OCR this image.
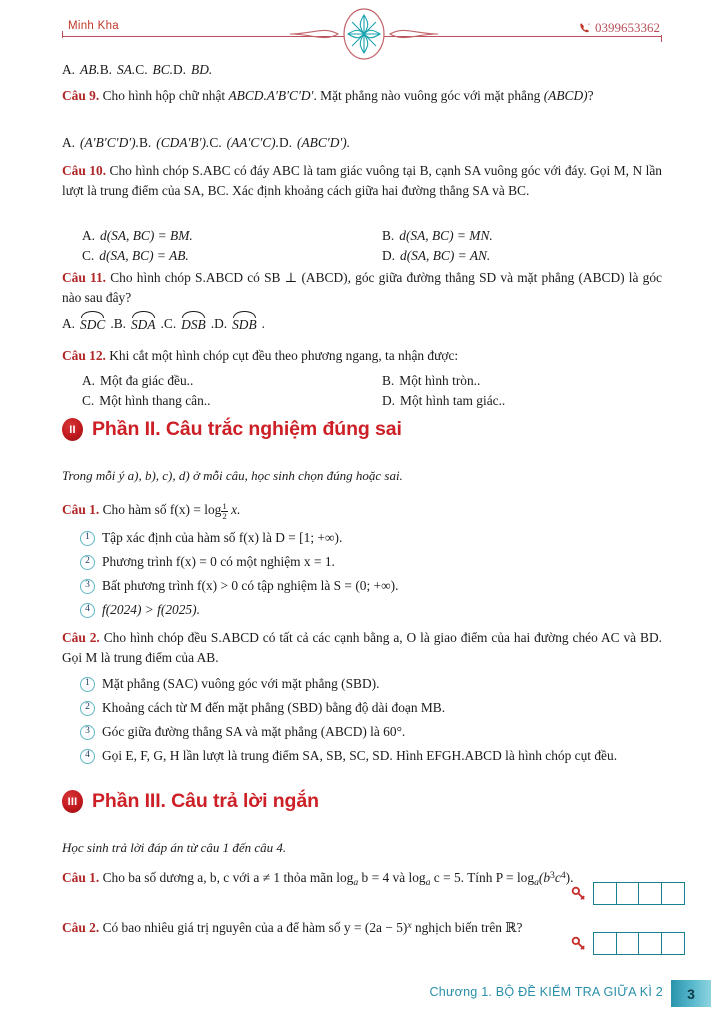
Minh Kha	0399653362
A. AB. B. SA. C. BC. D. BD.
Câu 9. Cho hình hộp chữ nhật ABCD.A′B′C′D′. Mặt phẳng nào vuông góc với mặt phẳng (ABCD)?
A. (A′B′C′D′). B. (CDA′B′). C. (AA′C′C). D. (ABC′D′).
Câu 10. Cho hình chóp S.ABC có đáy ABC là tam giác vuông tại B, cạnh SA vuông góc với đáy. Gọi M, N lần lượt là trung điểm của SA, BC. Xác định khoảng cách giữa hai đường thẳng SA và BC.
A. d(SA, BC) = BM.	B. d(SA, BC) = MN.
C. d(SA, BC) = AB.	D. d(SA, BC) = AN.
Câu 11. Cho hình chóp S.ABCD có SB ⊥ (ABCD), góc giữa đường thẳng SD và mặt phẳng (ABCD) là góc nào sau đây?
A. SDC . B. SDA . C. DSB . D. SDB .
Câu 12. Khi cắt một hình chóp cụt đều theo phương ngang, ta nhận được:
A. Một đa giác đều..	B. Một hình tròn..
C. Một hình thang cân..	D. Một hình tam giác..
II Phần II. Câu trắc nghiệm đúng sai
Trong mỗi ý a), b), c), d) ở mỗi câu, học sinh chọn đúng hoặc sai.
Câu 1. Cho hàm số $f(x) = \log \frac{1}{2} x$.
1 Tập xác định của hàm số f(x) là D = [1; +∞).
2 Phương trình f(x) = 0 có một nghiệm x = 1.
3 Bất phương trình f(x) > 0 có tập nghiệm là S = (0; +∞).
4 f(2024) > f(2025).
Câu 2. Cho hình chóp đều S.ABCD có tất cả các cạnh bằng a, O là giao điểm của hai đường chéo AC và BD. Gọi M là trung điểm của AB.
1 Mặt phẳng (SAC) vuông góc với mặt phẳng (SBD).
2 Khoảng cách từ M đến mặt phẳng (SBD) bằng độ dài đoạn MB.
3 Góc giữa đường thẳng SA và mặt phẳng (ABCD) là 60°.
4 Gọi E, F, G, H lần lượt là trung điểm SA, SB, SC, SD. Hình EFGH.ABCD là hình chóp cụt đều.
III Phần III. Câu trả lời ngắn
Học sinh trả lời đáp án từ câu 1 đến câu 4.
Câu 1. Cho ba số dương a, b, c với a ≠ 1 thỏa mãn $\log_a b = 4$ và $\log_a c = 5$. Tính $P = \log_a(b^3c^4)$.
Câu 2. Có bao nhiêu giá trị nguyên của a để hàm số $y = (2a - 5)^x$ nghịch biến trên ℝ?
Chương 1. BỘ ĐỀ KIỂM TRA GIỮA KÌ 2	3
